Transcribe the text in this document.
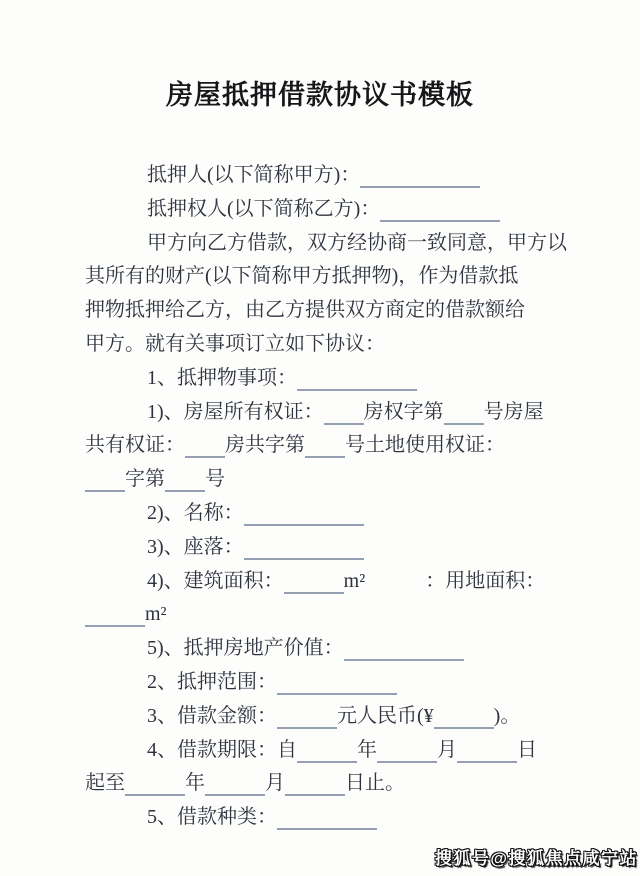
房屋抵押借款协议书模板
抵押人(以下简称甲方)：
抵押权人(以下简称乙方)：
甲方向乙方借款，双方经协商一致同意，甲方以
其所有的财产(以下简称甲方抵押物)，作为借款抵
押物抵押给乙方，由乙方提供双方商定的借款额给
甲方。就有关事项订立如下协议：
1、抵押物事项：
1)、房屋所有权证： 房权字第 号房屋
共有权证： 房共字第 号土地使用权证：
字第 号
2)、名称：
3)、座落：
4)、建筑面积：	m²　　　：用地面积：
m²
5)、抵押房地产价值：
2、抵押范围：
3、借款金额：	元人民币(¥	)。
4、借款期限：自	年	月	日
起至	年	月	日止。
5、借款种类：
搜狐号@搜狐焦点咸宁站
